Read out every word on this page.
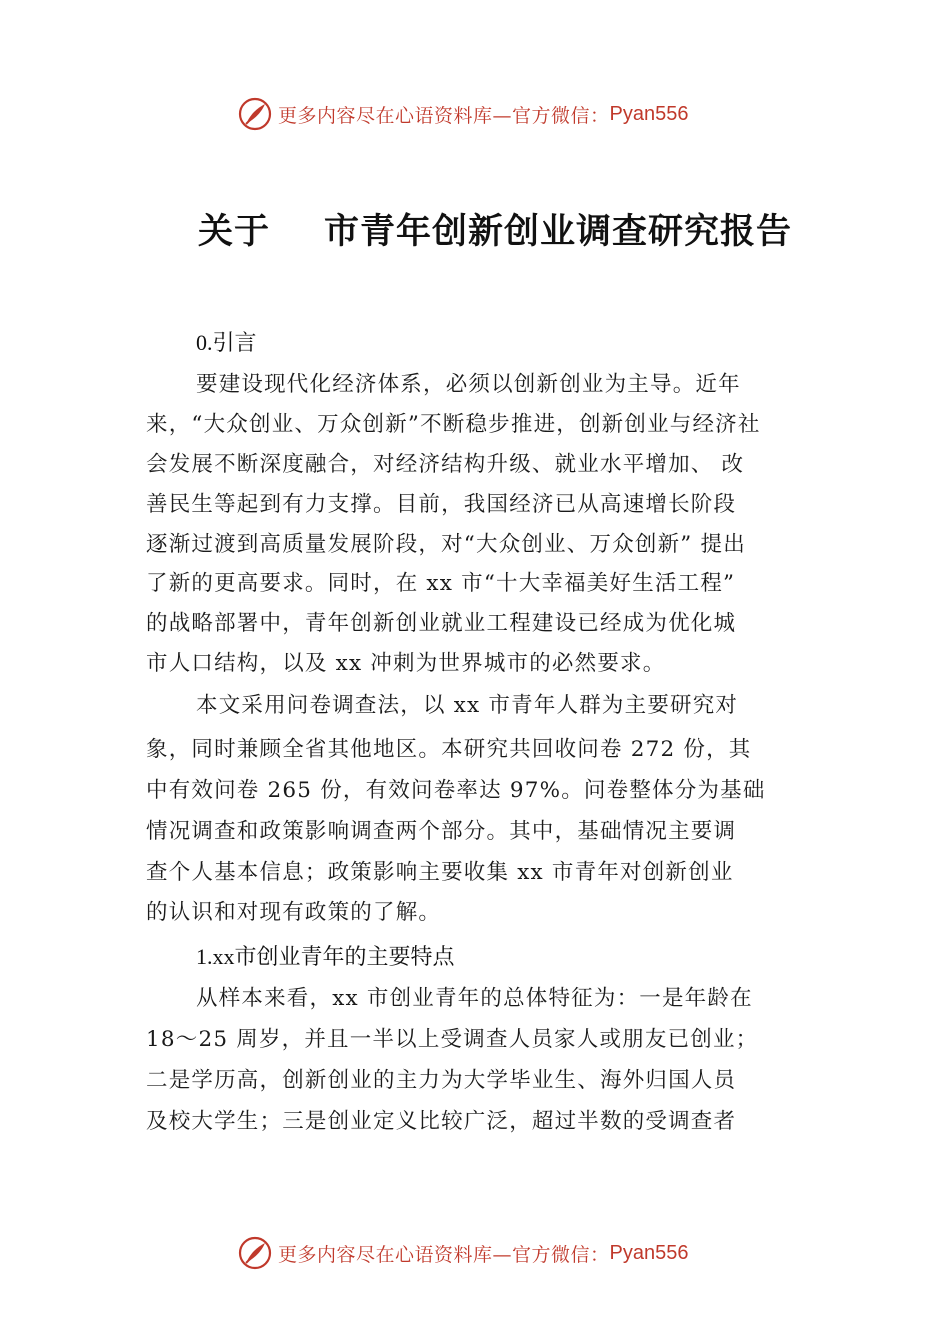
更多内容尽在心语资料库—官方微信： Pyan556
关于 市青年创新创业调查研究报告
0.引言
要建设现代化经济体系，必须以创新创业为主导。近年
来，“大众创业、万众创新”不断稳步推进，创新创业与经济社
会发展不断深度融合，对经济结构升级、就业水平增加、 改
善民生等起到有力支撑。目前，我国经济已从高速增长阶段
逐渐过渡到高质量发展阶段，对“大众创业、万众创新” 提出
了新的更高要求。同时，在 xx 市“十大幸福美好生活工程”
的战略部署中，青年创新创业就业工程建设已经成为优化城
市人口结构，以及 xx 冲刺为世界城市的必然要求。
本文采用问卷调查法，以 xx 市青年人群为主要研究对
象，同时兼顾全省其他地区。本研究共回收问卷 272 份，其
中有效问卷 265 份，有效问卷率达 97%。问卷整体分为基础
情况调查和政策影响调查两个部分。其中，基础情况主要调
查个人基本信息；政策影响主要收集 xx 市青年对创新创业
的认识和对现有政策的了解。
1.xx市创业青年的主要特点
从样本来看，xx 市创业青年的总体特征为：一是年龄在
18～25 周岁，并且一半以上受调查人员家人或朋友已创业；
二是学历高，创新创业的主力为大学毕业生、海外归国人员
及校大学生；三是创业定义比较广泛，超过半数的受调查者
更多内容尽在心语资料库—官方微信： Pyan556
